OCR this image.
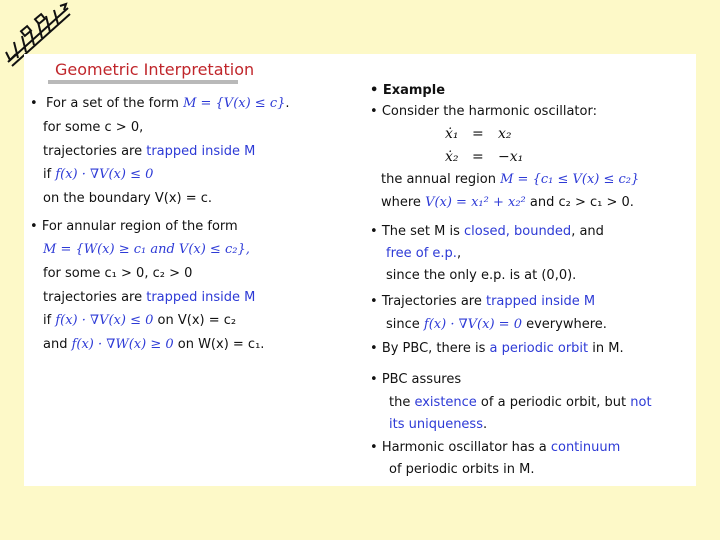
Geometric Interpretation
• For a set of the form M = {V(x) ≤ c}.
for some c > 0,
trajectories are trapped inside M
if f(x) · ∇V(x) ≤ 0
on the boundary V(x) = c.
• For annular region of the form
M = {W(x) ≥ c₁ and V(x) ≤ c₂},
for some c₁ > 0, c₂ > 0
trajectories are trapped inside M
if f(x) · ∇V(x) ≤ 0 on V(x) = c₂
and f(x) · ∇W(x) ≥ 0 on W(x) = c₁.
• Example
• Consider the harmonic oscillator:
ẋ₁ = x₂
ẋ₂ = −x₁
the annual region M = {c₁ ≤ V(x) ≤ c₂}
where V(x) = x₁² + x₂² and c₂ > c₁ > 0.
• The set M is closed, bounded, and
free of e.p.,
since the only e.p. is at (0,0).
• Trajectories are trapped inside M
since f(x) · ∇V(x) = 0 everywhere.
• By PBC, there is a periodic orbit in M.
• PBC assures
the existence of a periodic orbit, but not
its uniqueness.
• Harmonic oscillator has a continuum
of periodic orbits in M.
